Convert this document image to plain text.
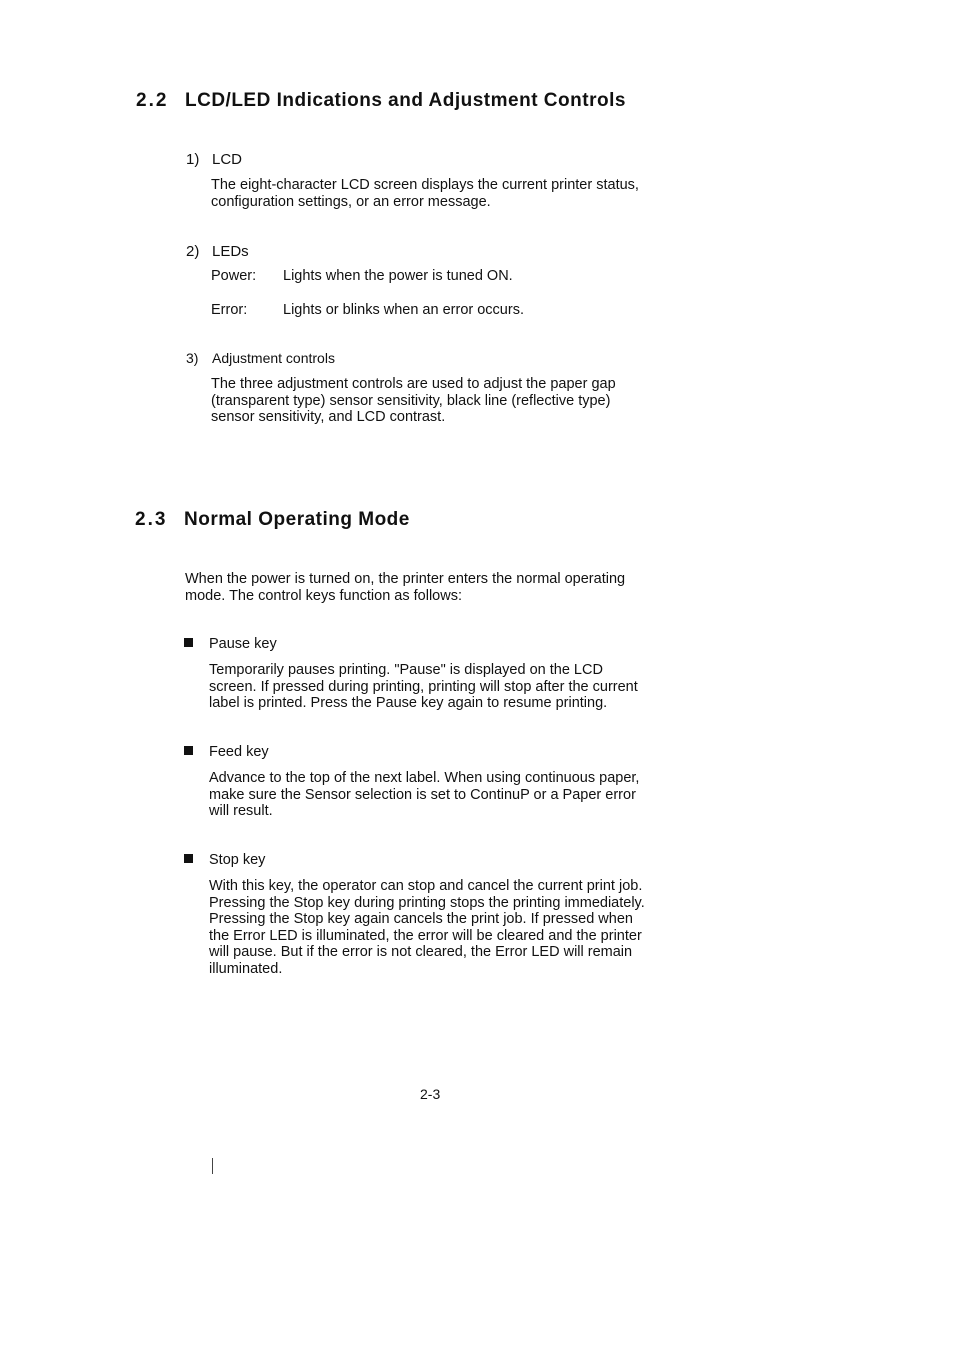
2.2 LCD/LED Indications and Adjustment Controls
1) LCD
The eight-character LCD screen displays the current printer status,
configuration settings, or an error message.
2) LEDs
Power: Lights when the power is tuned ON.
Error: Lights or blinks when an error occurs.
3) Adjustment controls
The three adjustment controls are used to adjust the paper gap
(transparent type) sensor sensitivity, black line (reflective type)
sensor sensitivity, and LCD contrast.
2.3 Normal Operating Mode
When the power is turned on, the printer enters the normal operating
mode. The control keys function as follows:
Pause key
Temporarily pauses printing. "Pause" is displayed on the LCD
screen. If pressed during printing, printing will stop after the current
label is printed. Press the Pause key again to resume printing.
Feed key
Advance to the top of the next label. When using continuous paper,
make sure the Sensor selection is set to ContinuP or a Paper error
will result.
Stop key
With this key, the operator can stop and cancel the current print job.
Pressing the Stop key during printing stops the printing immediately.
Pressing the Stop key again cancels the print job. If pressed when
the Error LED is illuminated, the error will be cleared and the printer
will pause. But if the error is not cleared, the Error LED will remain
illuminated.
2-3
